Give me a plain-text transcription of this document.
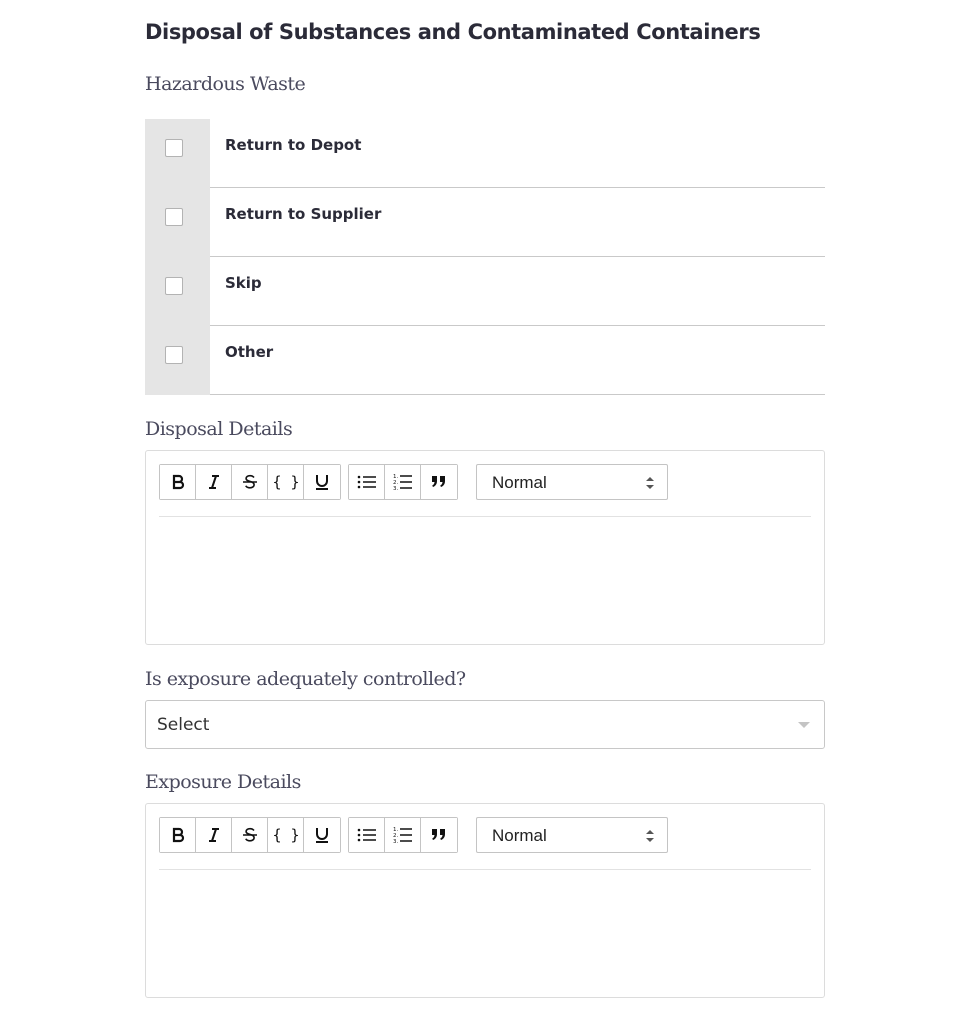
Disposal of Substances and Contaminated Containers
Hazardous Waste
Return to Depot
Return to Supplier
Skip
Other
Disposal Details
{ }	1.
2.
3.	Normal
Is exposure adequately controlled?
Select
Exposure Details
{ }	1.
2.
3.	Normal
